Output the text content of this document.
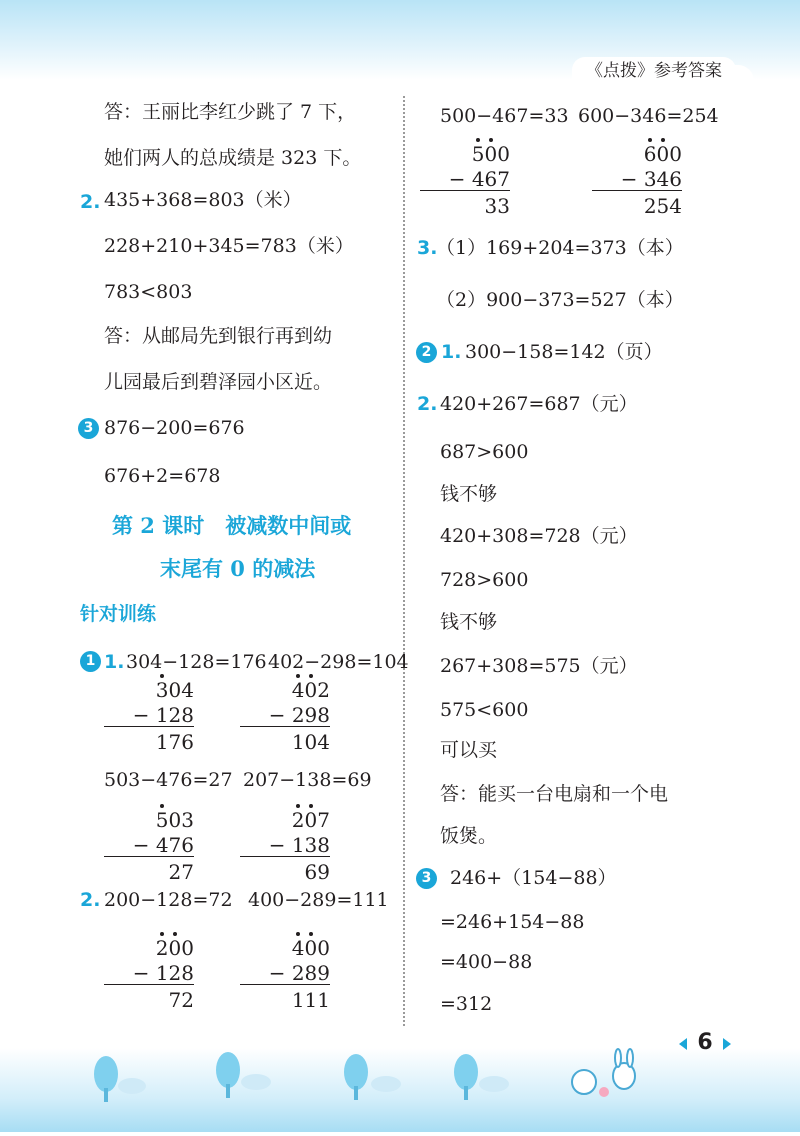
《点拨》参考答案
答：王丽比李红少跳了 7 下，
她们两人的总成绩是 323 下。
2. 435+368=803（米）
228+210+345=783（米）
783<803
答：从邮局先到银行再到幼
儿园最后到碧泽园小区近。
3 876−200=676
676+2=678
第 2 课时　被减数中间或
末尾有 0 的减法
针对训练
1 1. 304−128=176 402−298=104
304
− 128
176
402
− 298
104
503−476=27 207−138=69
503
− 476
27
207
− 138
69
2. 200−128=72 400−289=111
200
− 128
72
400
− 289
111
500−467=33 600−346=254
500
− 467
33
600
− 346
254
3.
（1）169+204=373（本）
（2）900−373=527（本）
2 1. 300−158=142（页）
2. 420+267=687（元）
687>600
钱不够
420+308=728（元）
728>600
钱不够
267+308=575（元）
575<600
可以买
答：能买一台电扇和一个电
饭煲。
3 246+（154−88）
=246+154−88
=400−88
=312
6
